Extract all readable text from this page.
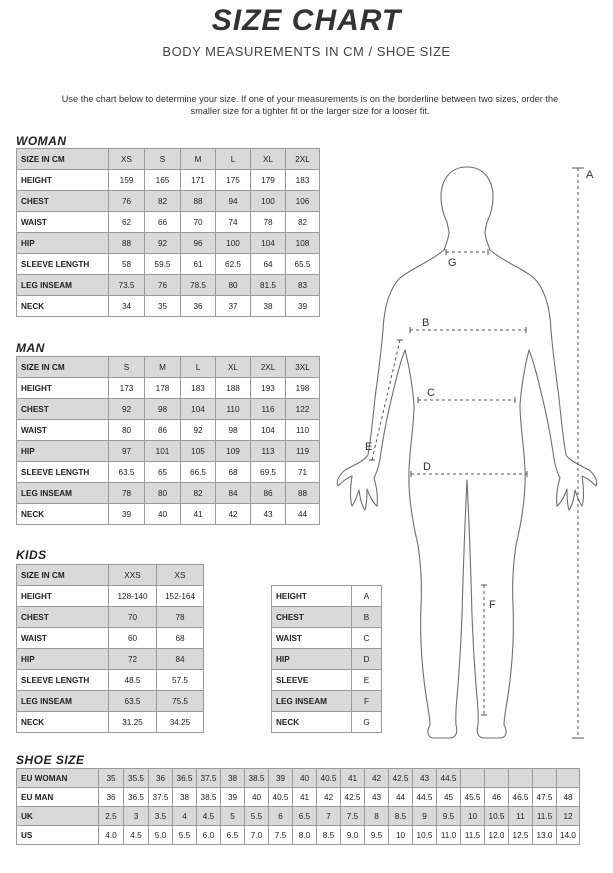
SIZE CHART
BODY MEASUREMENTS IN CM / SHOE SIZE
Use the chart below to determine your size. If one of your measurements is on the borderline between two sizes, order the smaller size for a tighter fit or the larger size for a looser fit.
WOMAN
SIZE IN CM	XS	S	M	L	XL	2XL
HEIGHT	159	165	171	175	179	183
CHEST	76	82	88	94	100	106
WAIST	62	66	70	74	78	82
HIP	88	92	96	100	104	108
SLEEVE LENGTH	58	59.5	61	62.5	64	65.5
LEG INSEAM	73.5	76	78.5	80	81.5	83
NECK	34	35	36	37	38	39
MAN
SIZE IN CM	S	M	L	XL	2XL	3XL
HEIGHT	173	178	183	188	193	198
CHEST	92	98	104	110	116	122
WAIST	80	86	92	98	104	110
HIP	97	101	105	109	113	119
SLEEVE LENGTH	63.5	65	66.5	68	69.5	71
LEG INSEAM	78	80	82	84	86	88
NECK	39	40	41	42	43	44
KIDS
SIZE IN CM	XXS	XS
HEIGHT	128-140	152-164
CHEST	70	78
WAIST	60	68
HIP	72	84
SLEEVE LENGTH	48.5	57.5
LEG INSEAM	63.5	75.5
NECK	31.25	34.25
HEIGHT	A
CHEST	B
WAIST	C
HIP	D
SLEEVE	E
LEG INSEAM	F
NECK	G
SHOE SIZE
EU WOMAN	35	35.5	36	36.5	37.5	38	38.5	39	40	40.5	41	42	42.5	43	44.5					
EU MAN	36	36.5	37.5	38	38.5	39	40	40.5	41	42	42.5	43	44	44.5	45	45.5	46	46.5	47.5	48
UK	2.5	3	3.5	4	4.5	5	5.5	6	6.5	7	7.5	8	8.5	9	9.5	10	10.5	11	11.5	12
US	4.0	4.5	5.0	5.5	6.0	6.5	7.0	7.5	8.0	8.5	9.0	9.5	10	10.5	11.0	11.5	12.0	12.5	13.0	14.0
A
G
B
C
D
E
F
